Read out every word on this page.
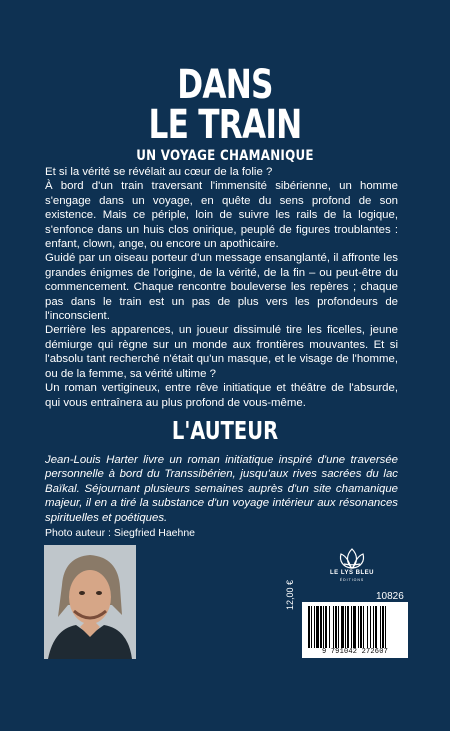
DANS
LE TRAIN
UN VOYAGE CHAMANIQUE

Et si la vérité se révélait au cœur de la folie ?

À bord d'un train traversant l'immensité sibérienne, un homme s'engage dans un voyage, en quête du sens profond de son existence. Mais ce périple, loin de suivre les rails de la logique, s'enfonce dans un huis clos onirique, peuplé de figures troublantes : enfant, clown, ange, ou encore un apothicaire.

Guidé par un oiseau porteur d'un message ensanglanté, il affronte les grandes énigmes de l'origine, de la vérité, de la fin – ou peut-être du commencement. Chaque rencontre bouleverse les repères ; chaque pas dans le train est un pas de plus vers les profondeurs de l'inconscient.

Derrière les apparences, un joueur dissimulé tire les ficelles, jeune démiurge qui règne sur un monde aux frontières mouvantes. Et si l'absolu tant recherché n'était qu'un masque, et le visage de l'homme, ou de la femme, sa vérité ultime ?

Un roman vertigineux, entre rêve initiatique et théâtre de l'absurde, qui vous entraînera au plus profond de vous-même.

L'AUTEUR
Jean-Louis Harter livre un roman initiatique inspiré d'une traversée personnelle à bord du Transsibérien, jusqu'aux rives sacrées du lac Baïkal. Séjournant plusieurs semaines auprès d'un site chamanique majeur, il en a tiré la substance d'un voyage intérieur aux résonances spirituelles et poétiques.
Photo auteur : Siegfried Haehne
LE LYS BLEU
ÉDITIONS
10826
12,00 €
9 791042 272607
